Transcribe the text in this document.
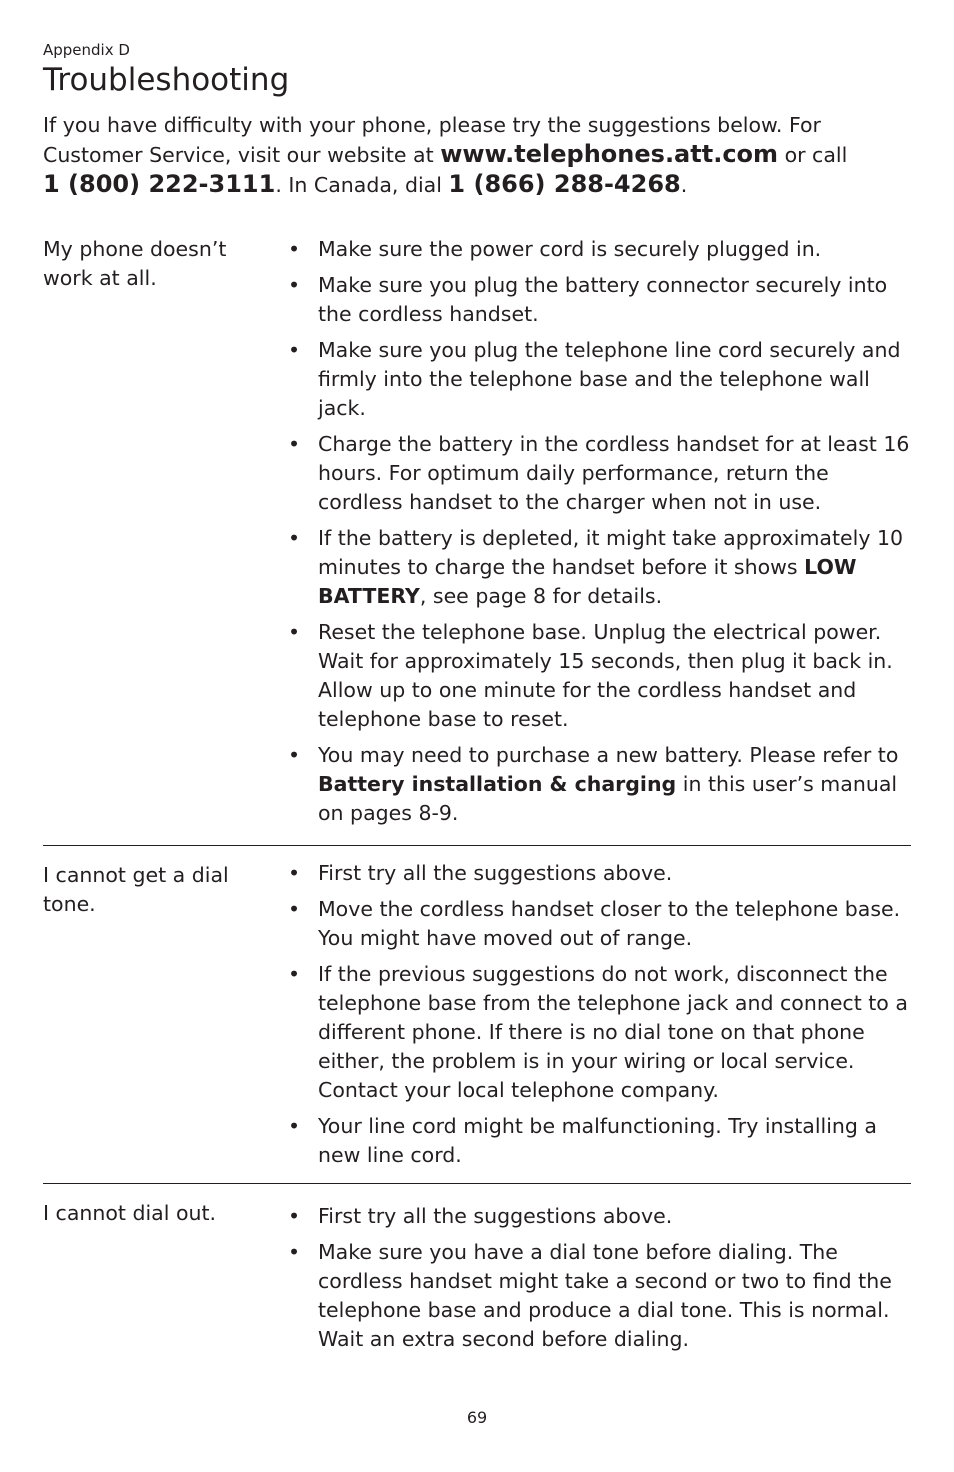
Appendix D
Troubleshooting

If you have difficulty with your phone, please try the suggestions below. For Customer Service, visit our website at www.telephones.att.com or call
1 (800) 222-3111. In Canada, dial 1 (866) 288-4268.

My phone doesn’t work at all.
• Make sure the power cord is securely plugged in.
• Make sure you plug the battery connector securely into the cordless handset.
• Make sure you plug the telephone line cord securely and firmly into the telephone base and the telephone wall jack.
• Charge the battery in the cordless handset for at least 16 hours. For optimum daily performance, return the cordless handset to the charger when not in use.
• If the battery is depleted, it might take approximately 10 minutes to charge the handset before it shows LOW BATTERY, see page 8 for details.
• Reset the telephone base. Unplug the electrical power. Wait for approximately 15 seconds, then plug it back in. Allow up to one minute for the cordless handset and telephone base to reset.
• You may need to purchase a new battery. Please refer to Battery installation & charging in this user’s manual on pages 8-9.
I cannot get a dial tone.
• First try all the suggestions above.
• Move the cordless handset closer to the telephone base. You might have moved out of range.
• If the previous suggestions do not work, disconnect the telephone base from the telephone jack and connect to a different phone. If there is no dial tone on that phone either, the problem is in your wiring or local service. Contact your local telephone company.
• Your line cord might be malfunctioning. Try installing a new line cord.
I cannot dial out.
•	First try all the suggestions above.
• Make sure you have a dial tone before dialing. The cordless handset might take a second or two to find the telephone base and produce a dial tone. This is normal. Wait an extra second before dialing.
69
